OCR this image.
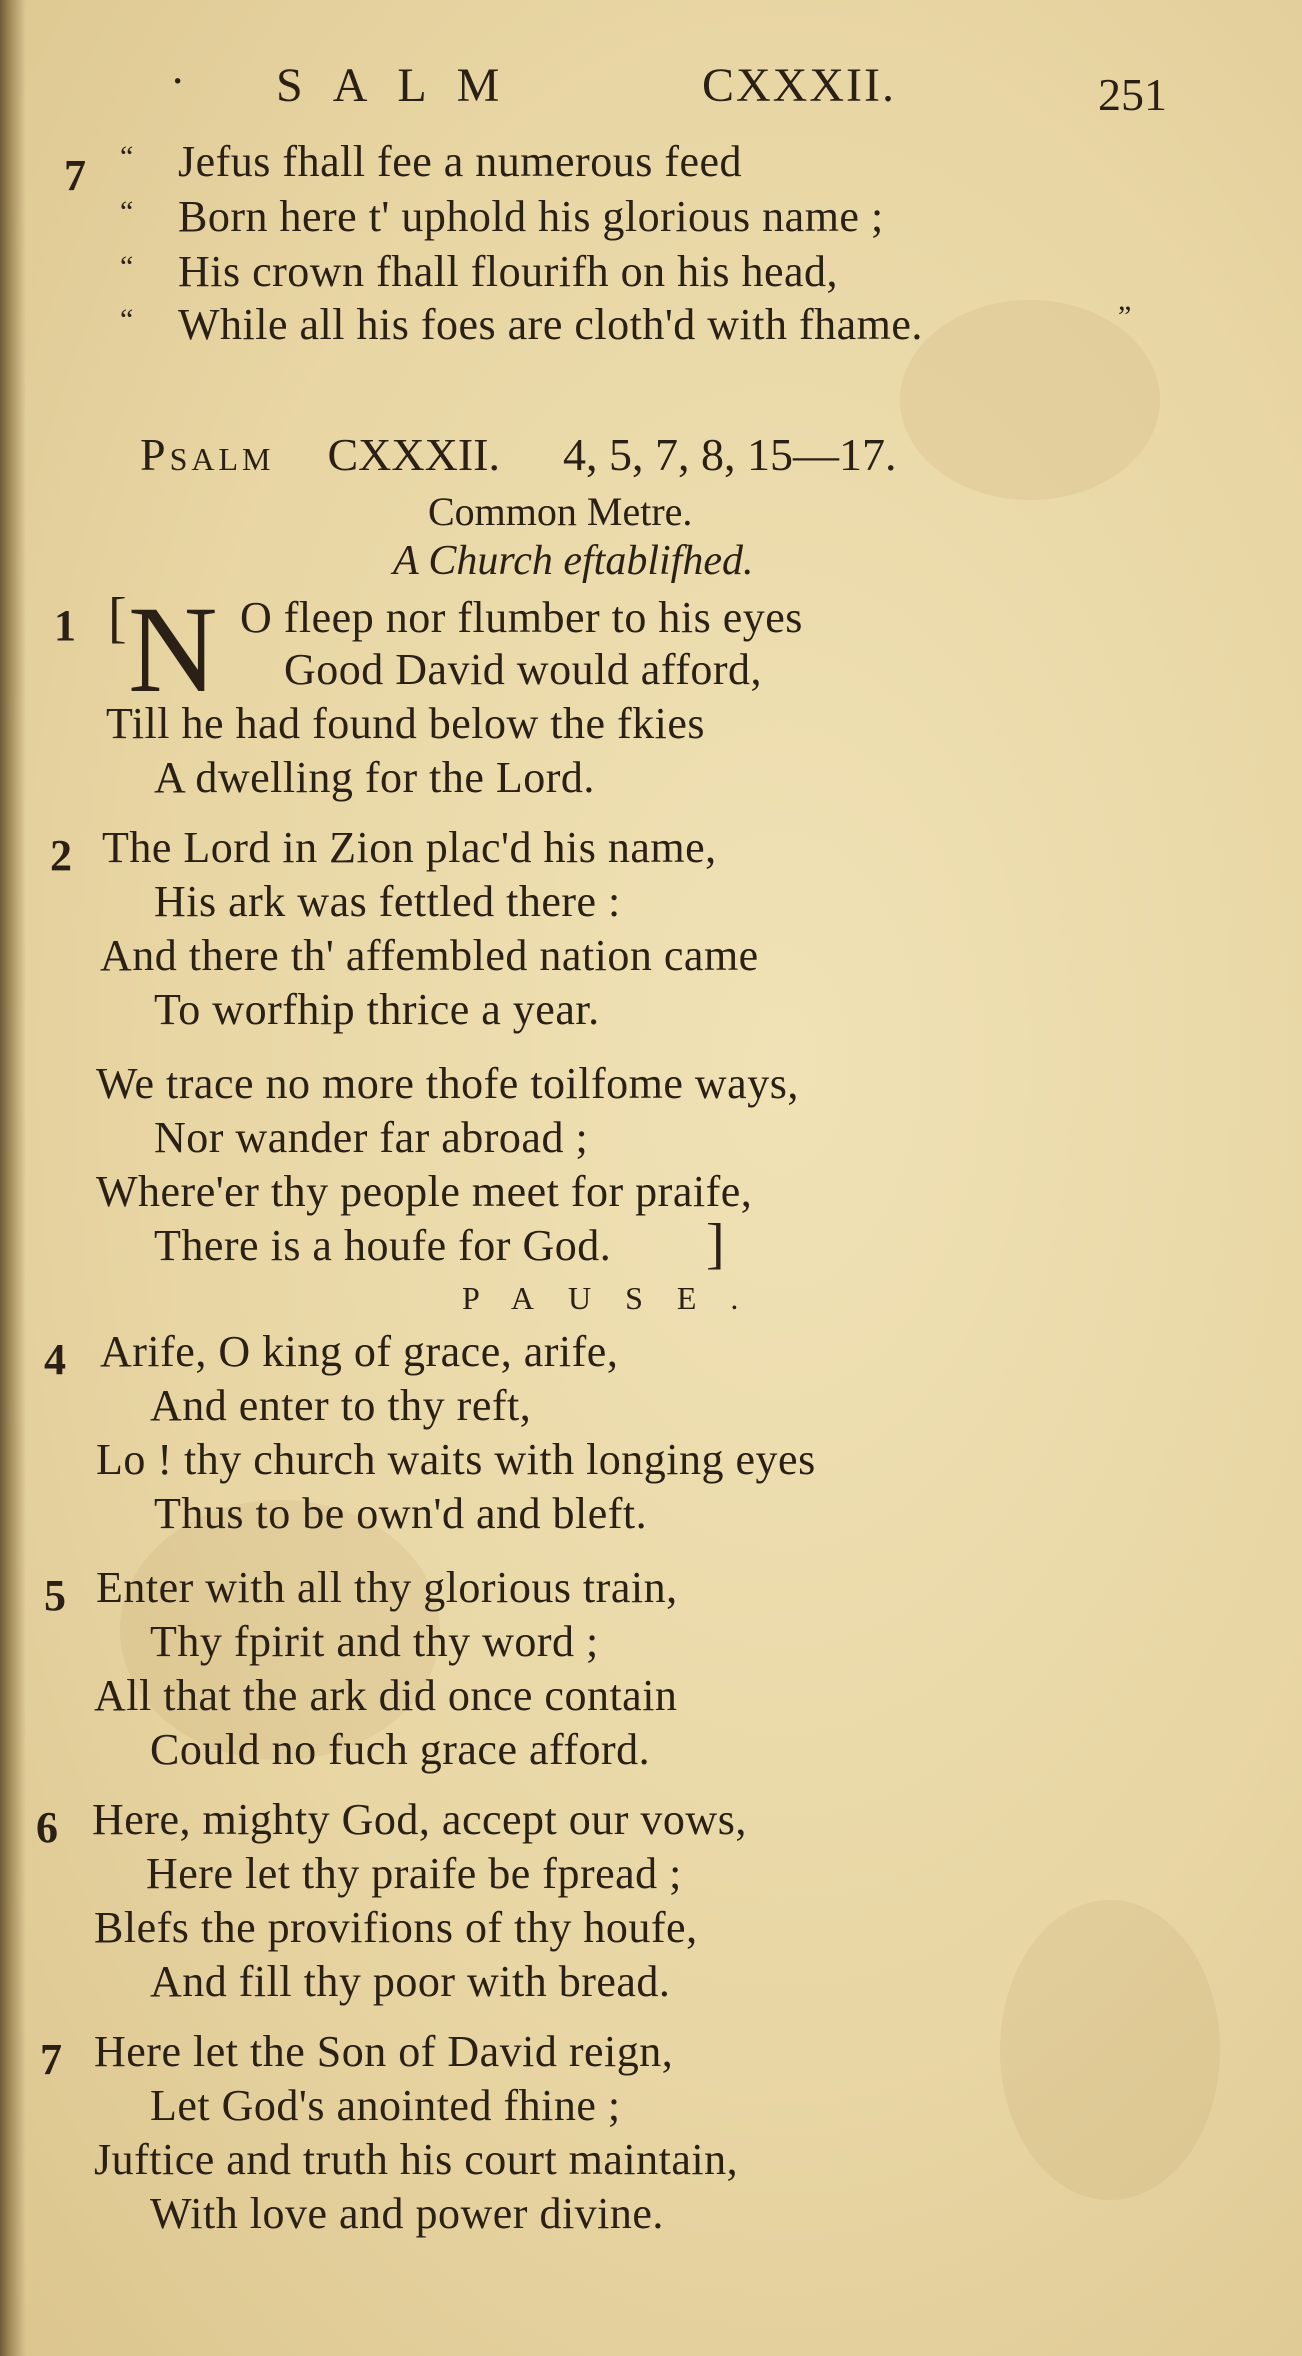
· SALM	CXXXII.	251
7 “
“
“
“
Jefus fhall fee a numerous feed
Born here t' uphold his glorious name ;
His crown fhall flourifh on his head,
While all his foes are cloth'd with fhame.	”
Psalm CXXXII. 4, 5, 7, 8, 15—17.
Common Metre.
A Church eftablifhed.
1 [ N O fleep nor flumber to his eyes
Good David would afford,
Till he had found below the fkies
A dwelling for the Lord.
2 The Lord in Zion plac'd his name,
His ark was fettled there :
And there th' affembled nation came
To worfhip thrice a year.
We trace no more thofe toilfome ways,
Nor wander far abroad ;
Where'er thy people meet for praife,
There is a houfe for God. ]
PAUSE.
4 Arife, O king of grace, arife,
And enter to thy reft,
Lo ! thy church waits with longing eyes
Thus to be own'd and bleft.
5 Enter with all thy glorious train,
Thy fpirit and thy word ;
All that the ark did once contain
Could no fuch grace afford.
6 Here, mighty God, accept our vows,
Here let thy praife be fpread ;
Blefs the provifions of thy houfe,
And fill thy poor with bread.
7 Here let the Son of David reign,
Let God's anointed fhine ;
Juftice and truth his court maintain,
With love and power divine.
